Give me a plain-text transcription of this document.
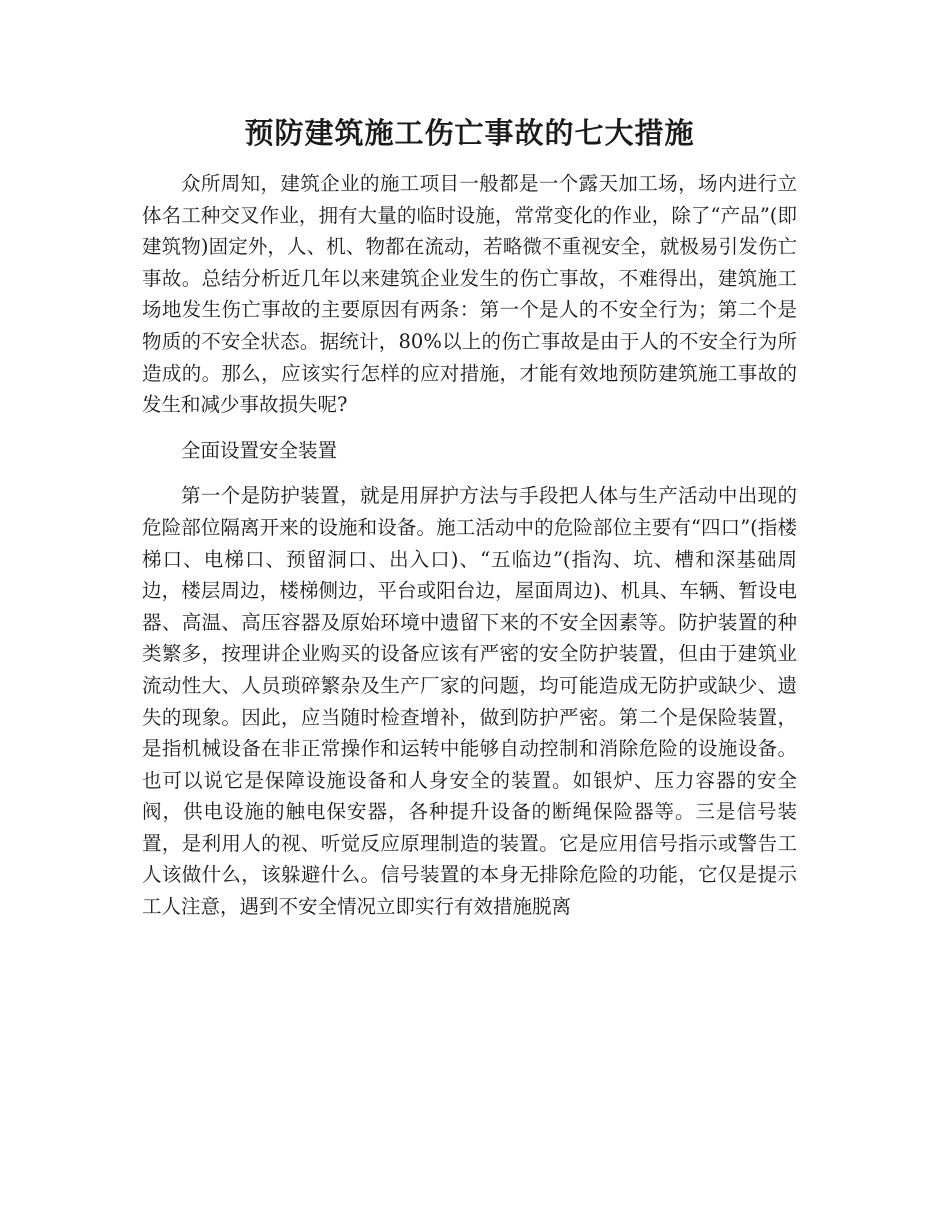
预防建筑施工伤亡事故的七大措施

众所周知，建筑企业的施工项目一般都是一个露天加工场，场内进行立体名工种交叉作业，拥有大量的临时设施，常常变化的作业，除了“产品”(即建筑物)固定外，人、机、物都在流动，若略微不重视安全，就极易引发伤亡事故。总结分析近几年以来建筑企业发生的伤亡事故，不难得出，建筑施工场地发生伤亡事故的主要原因有两条：第一个是人的不安全行为；第二个是物质的不安全状态。据统计，80%以上的伤亡事故是由于人的不安全行为所造成的。那么，应该实行怎样的应对措施，才能有效地预防建筑施工事故的发生和减少事故损失呢?

全面设置安全装置

第一个是防护装置，就是用屏护方法与手段把人体与生产活动中出现的危险部位隔离开来的设施和设备。施工活动中的危险部位主要有“四口”(指楼梯口、电梯口、预留洞口、出入口)、“五临边”(指沟、坑、槽和深基础周边，楼层周边，楼梯侧边，平台或阳台边，屋面周边)、机具、车辆、暂设电器、高温、高压容器及原始环境中遗留下来的不安全因素等。防护装置的种类繁多，按理讲企业购买的设备应该有严密的安全防护装置，但由于建筑业流动性大、人员琐碎繁杂及生产厂家的问题，均可能造成无防护或缺少、遗失的现象。因此，应当随时检查增补，做到防护严密。第二个是保险装置，是指机械设备在非正常操作和运转中能够自动控制和消除危险的设施设备。也可以说它是保障设施设备和人身安全的装置。如银炉、压力容器的安全阀，供电设施的触电保安器，各种提升设备的断绳保险器等。三是信号装置，是利用人的视、听觉反应原理制造的装置。它是应用信号指示或警告工人该做什么，该躲避什么。信号装置的本身无排除危险的功能，它仅是提示工人注意，遇到不安全情况立即实行有效措施脱离
